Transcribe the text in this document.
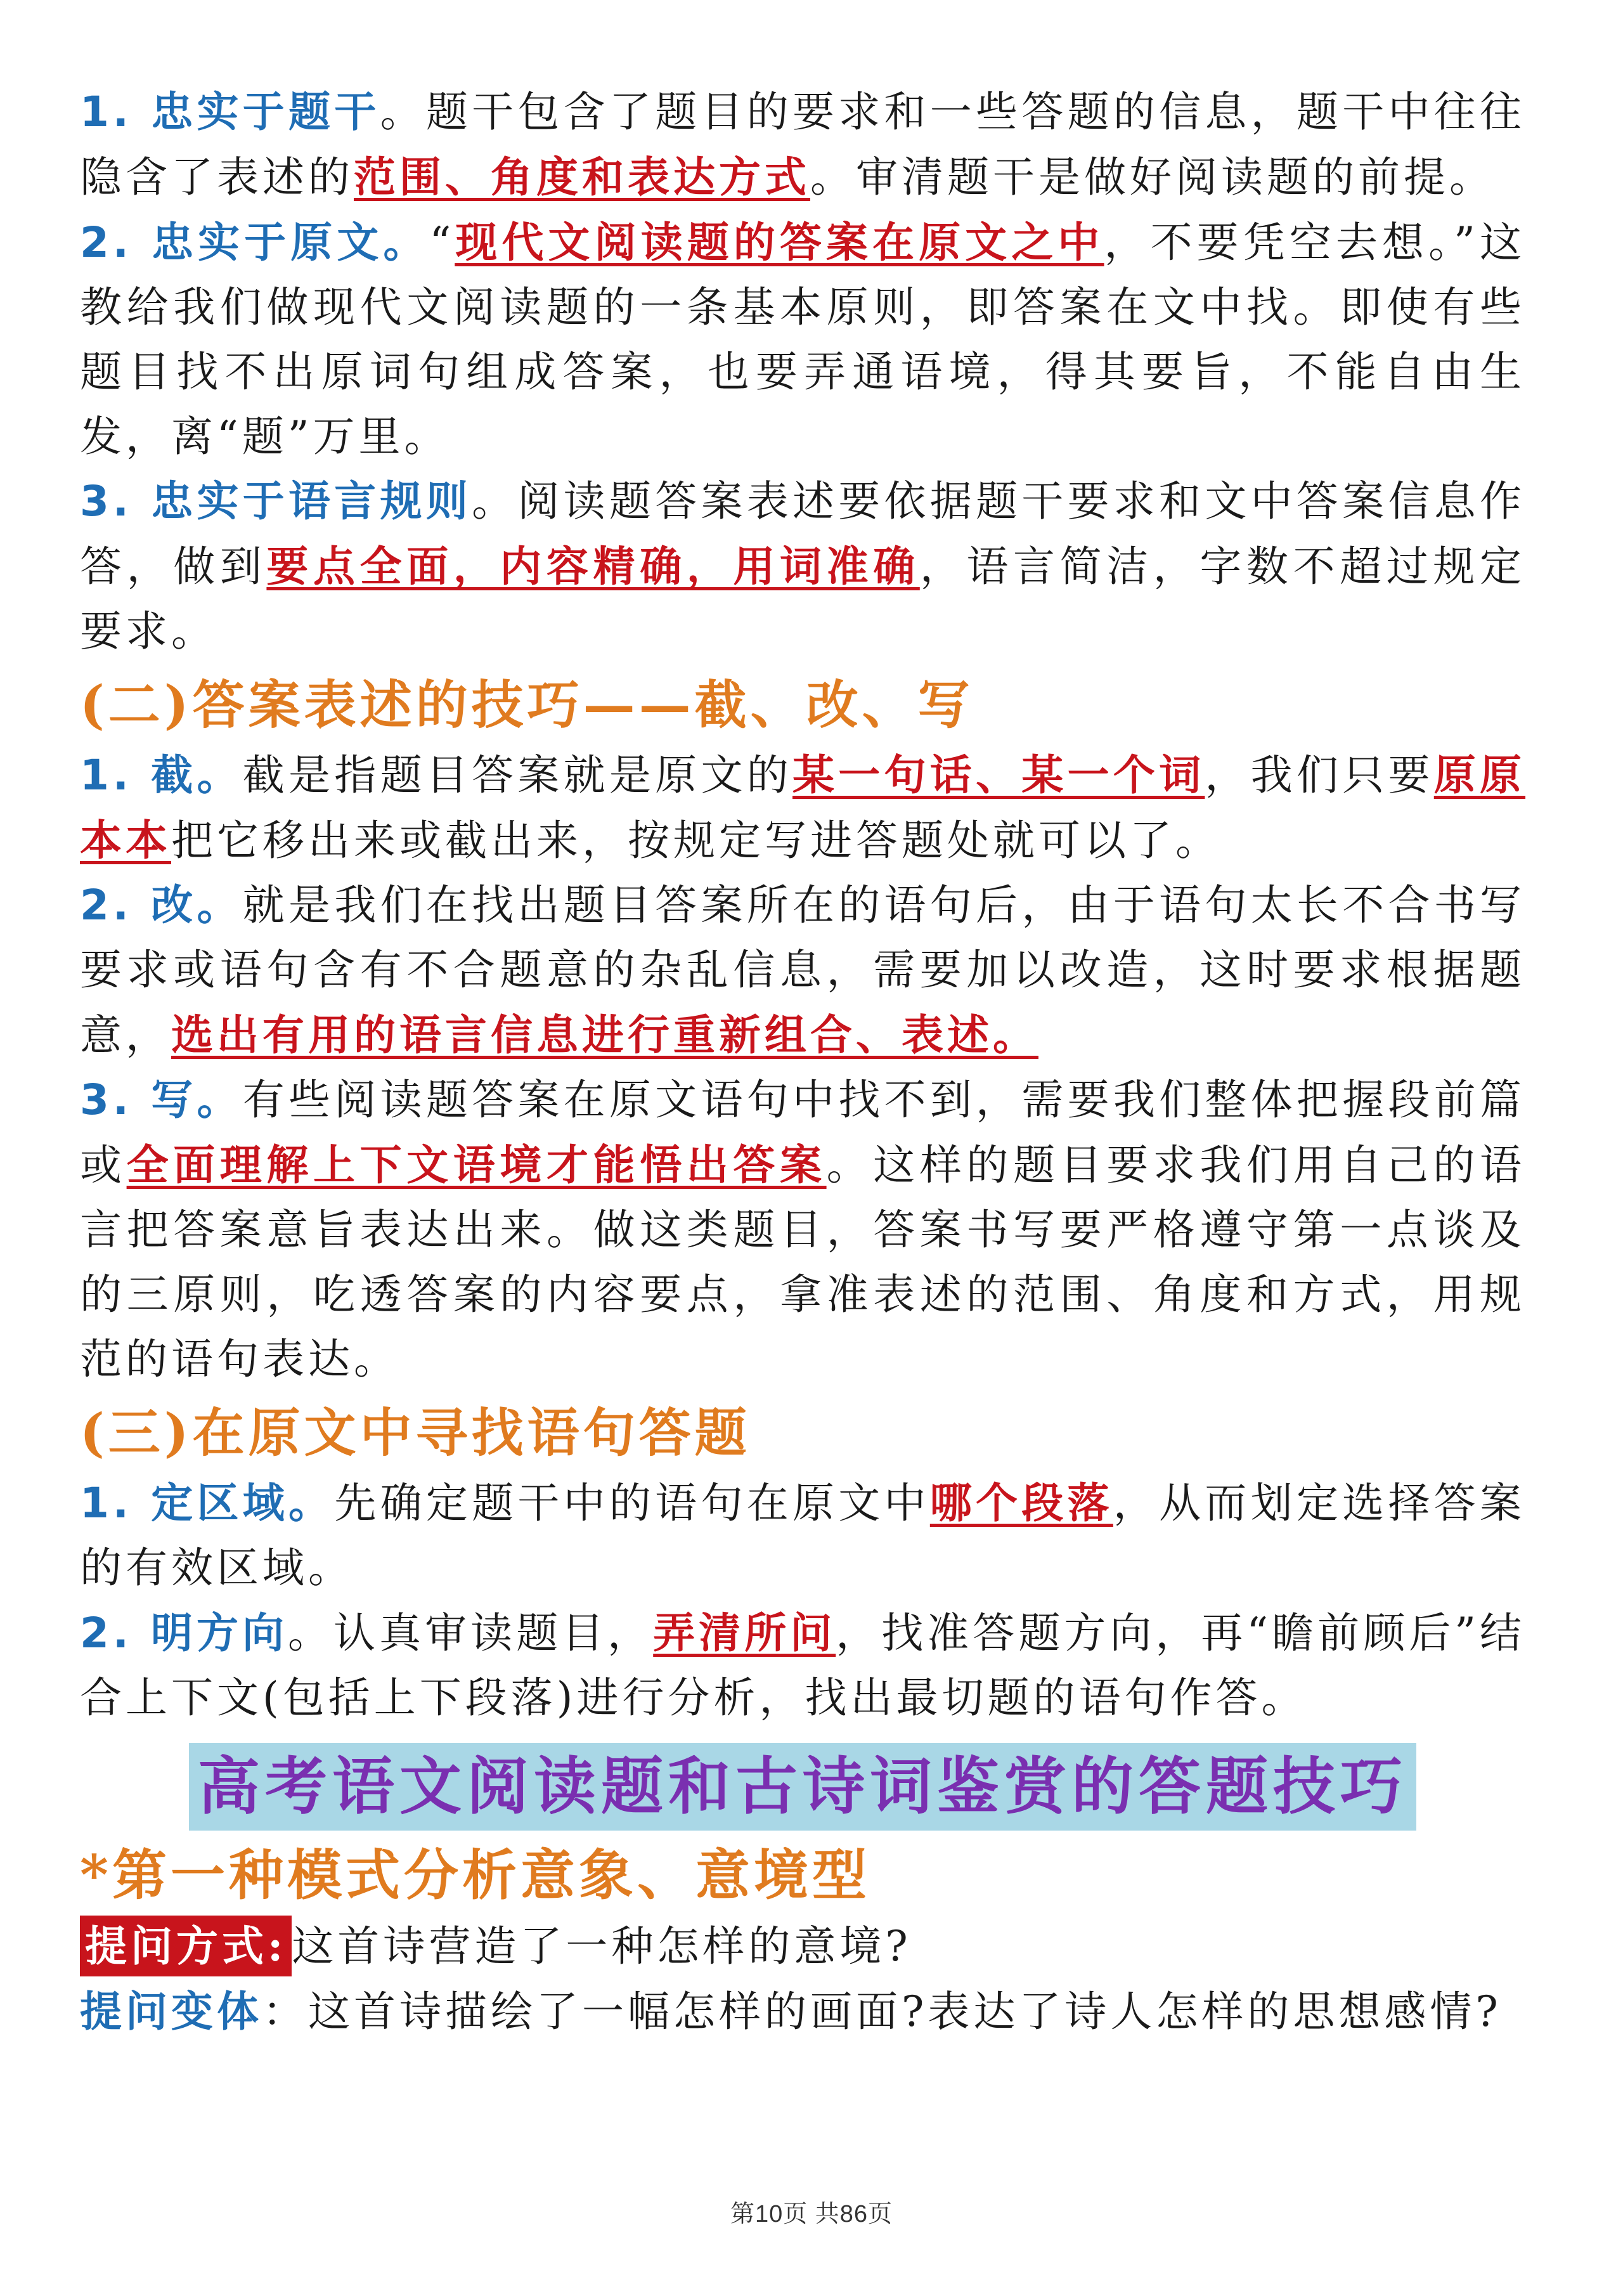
1. 忠实于题干。题干包含了题目的要求和一些答题的信息，题干中往往隐含了表述的范围、角度和表达方式。审清题干是做好阅读题的前提。

2. 忠实于原文。“现代文阅读题的答案在原文之中，不要凭空去想。”这教给我们做现代文阅读题的一条基本原则，即答案在文中找。即使有些题目找不出原词句组成答案，也要弄通语境，得其要旨，不能自由生发，离“题”万里。

3. 忠实于语言规则。阅读题答案表述要依据题干要求和文中答案信息作答，做到要点全面，内容精确，用词准确，语言简洁，字数不超过规定要求。

(二)答案表述的技巧——截、改、写

1. 截。截是指题目答案就是原文的某一句话、某一个词，我们只要原原本本把它移出来或截出来，按规定写进答题处就可以了。

2. 改。就是我们在找出题目答案所在的语句后，由于语句太长不合书写要求或语句含有不合题意的杂乱信息，需要加以改造，这时要求根据题意，选出有用的语言信息进行重新组合、表述。

3. 写。有些阅读题答案在原文语句中找不到，需要我们整体把握段前篇或全面理解上下文语境才能悟出答案。这样的题目要求我们用自己的语言把答案意旨表达出来。做这类题目，答案书写要严格遵守第一点谈及的三原则，吃透答案的内容要点，拿准表述的范围、角度和方式，用规范的语句表达。

(三)在原文中寻找语句答题

1. 定区域。先确定题干中的语句在原文中哪个段落，从而划定选择答案的有效区域。

2. 明方向。认真审读题目，弄清所问，找准答题方向，再“瞻前顾后”结合上下文(包括上下段落)进行分析，找出最切题的语句作答。

高考语文阅读题和古诗词鉴赏的答题技巧
*第一种模式分析意象、意境型

提问方式: 这首诗营造了一种怎样的意境?

提问变体：这首诗描绘了一幅怎样的画面?表达了诗人怎样的思想感情?

第10页 共86页
